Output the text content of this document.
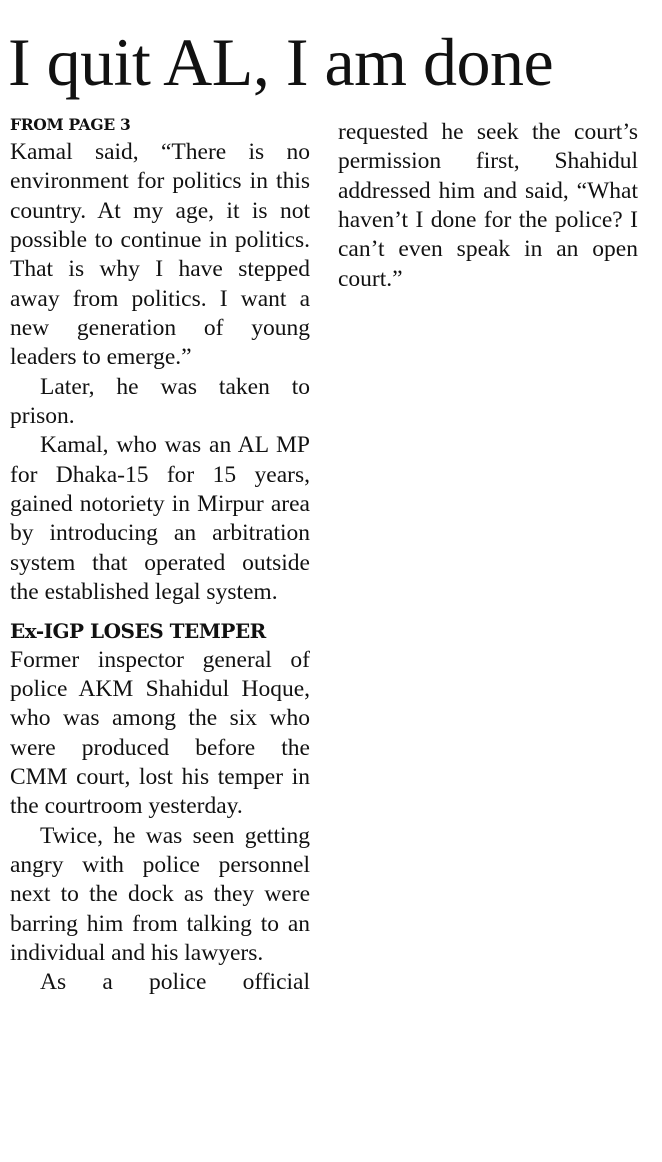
I quit AL, I am done
FROM PAGE 3

Kamal said, “There is no environment for politics in this country. At my age, it is not possible to continue in politics. That is why I have stepped away from politics. I want a new generation of young leaders to emerge.”

Later, he was taken to prison.

Kamal, who was an AL MP for Dhaka-15 for 15 years, gained notoriety in Mirpur area by introducing an arbitration system that operated outside the established legal system.

Ex-IGP LOSES TEMPER

Former inspector general of police AKM Shahidul Hoque, who was among the six who were produced before the CMM court, lost his temper in the courtroom yesterday.

Twice, he was seen getting angry with police personnel next to the dock as they were barring him from talking to an individual and his lawyers.

As a police official

requested he seek the court’s permission first, Shahidul addressed him and said, “What haven’t I done for the police? I can’t even speak in an open court.”
